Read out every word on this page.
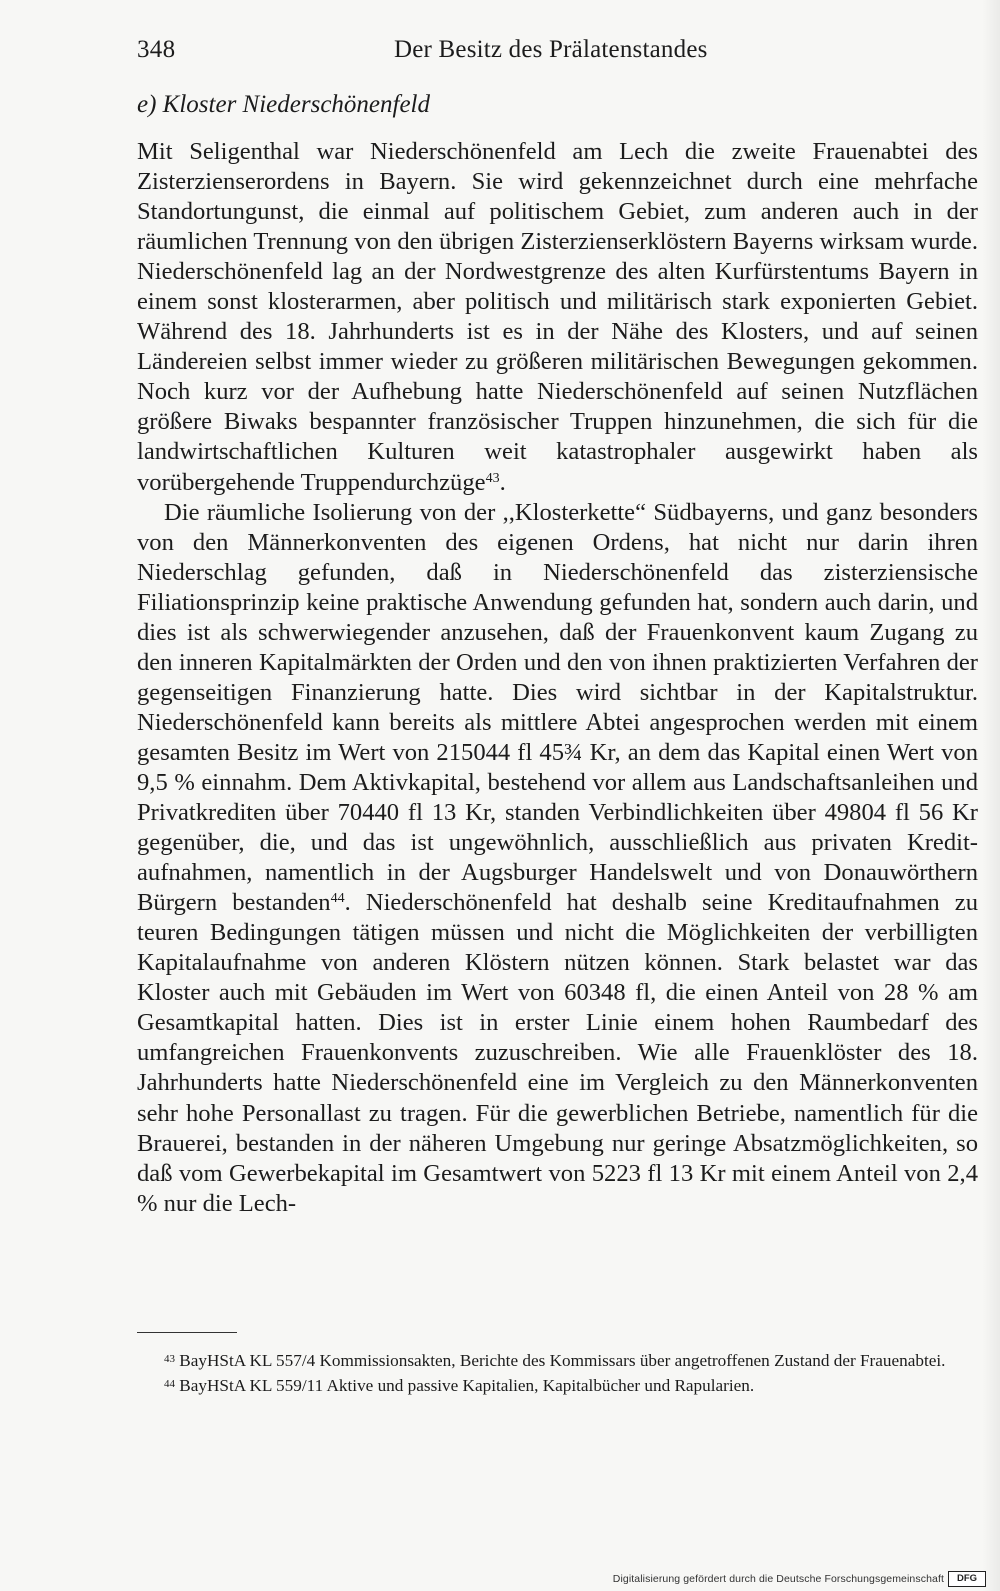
348	Der Besitz des Prälatenstandes
e) Kloster Niederschönenfeld

Mit Seligenthal war Niederschönenfeld am Lech die zweite Frauenabtei des Zisterzienserordens in Bayern. Sie wird gekennzeichnet durch eine mehrfache Standortungunst, die einmal auf politischem Gebiet, zum anderen auch in der räumlichen Trennung von den übrigen Zisterzienserklöstern Bayerns wirksam wurde. Niederschönenfeld lag an der Nordwestgrenze des alten Kurfürstentums Bayern in einem sonst klosterarmen, aber politisch und militärisch stark exponierten Gebiet. Während des 18. Jahrhunderts ist es in der Nähe des Klosters, und auf seinen Ländereien selbst immer wieder zu größeren militärischen Bewegungen gekommen. Noch kurz vor der Aufhebung hatte Niederschönenfeld auf seinen Nutzflächen größere Biwaks bespannter französischer Truppen hinzunehmen, die sich für die landwirtschaftlichen Kulturen weit katastrophaler ausgewirkt haben als vorübergehende Truppendurchzüge$^{43}$.

Die räumliche Isolierung von der ,,Klosterkette“ Südbayerns, und ganz besonders von den Männerkonventen des eigenen Ordens, hat nicht nur darin ihren Niederschlag gefunden, daß in Niederschönenfeld das zisterziensische Filiationsprinzip keine praktische Anwendung gefunden hat, sondern auch darin, und dies ist als schwerwiegender anzusehen, daß der Frauenkonvent kaum Zugang zu den inneren Kapitalmärkten der Orden und den von ihnen praktizierten Verfahren der gegenseitigen Finanzierung hatte. Dies wird sichtbar in der Kapitalstruktur. Niederschönenfeld kann bereits als mittlere Abtei angesprochen werden mit einem gesamten Besitz im Wert von 215044 fl 45¾ Kr, an dem das Kapital einen Wert von 9,5 % einnahm. Dem Aktivkapital, bestehend vor allem aus Landschaftsanleihen und Privatkrediten über 70440 fl 13 Kr, standen Verbindlichkeiten über 49804 fl 56 Kr gegenüber, die, und das ist ungewöhnlich, ausschließlich aus privaten Kreditaufnahmen, namentlich in der Augsburger Handelswelt und von Donauwörthern Bürgern bestanden$^{44}$. Niederschönenfeld hat deshalb seine Kreditaufnahmen zu teuren Bedingungen tätigen müssen und nicht die Möglichkeiten der verbilligten Kapitalaufnahme von anderen Klöstern nützen können. Stark belastet war das Kloster auch mit Gebäuden im Wert von 60348 fl, die einen Anteil von 28 % am Gesamtkapital hatten. Dies ist in erster Linie einem hohen Raumbedarf des umfangreichen Frauenkonvents zuzuschreiben. Wie alle Frauenklöster des 18. Jahrhunderts hatte Niederschönenfeld eine im Vergleich zu den Männerkonventen sehr hohe Personallast zu tragen. Für die gewerblichen Betriebe, namentlich für die Brauerei, bestanden in der näheren Umgebung nur geringe Absatzmöglichkeiten, so daß vom Gewerbekapital im Gesamtwert von 5223 fl 13 Kr mit einem Anteil von 2,4 % nur die Lech-

$^{43}$ BayHStA KL 557/4 Kommissionsakten, Berichte des Kommissars über angetroffenen Zustand der Frauenabtei.

$^{44}$ BayHStA KL 559/11 Aktive und passive Kapitalien, Kapitalbücher und Rapularien.

Digitalisierung gefördert durch die Deutsche Forschungsgemeinschaft	DFG
